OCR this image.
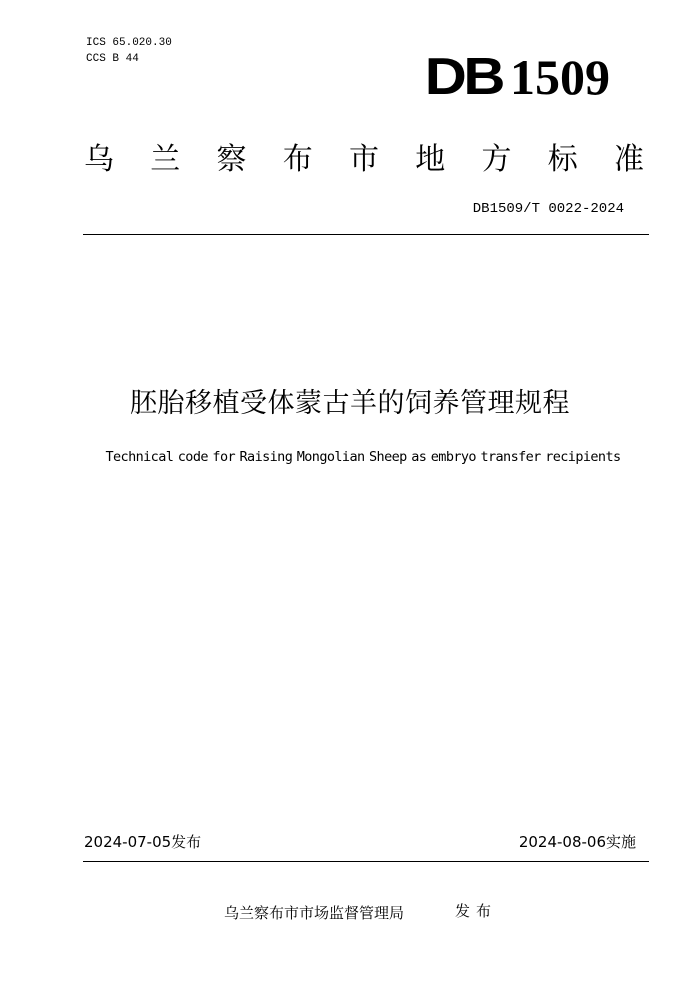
ICS 65.020.30
CCS B 44	DB 1509
乌 兰 察 布 市 地 方 标 准
DB1509/T 0022-2024
胚胎移植受体蒙古羊的饲养管理规程
Technical code for Raising Mongolian Sheep as embryo transfer recipients
2024-07-05发布	2024-08-06实施
乌兰察布市市场监督管理局	发布
